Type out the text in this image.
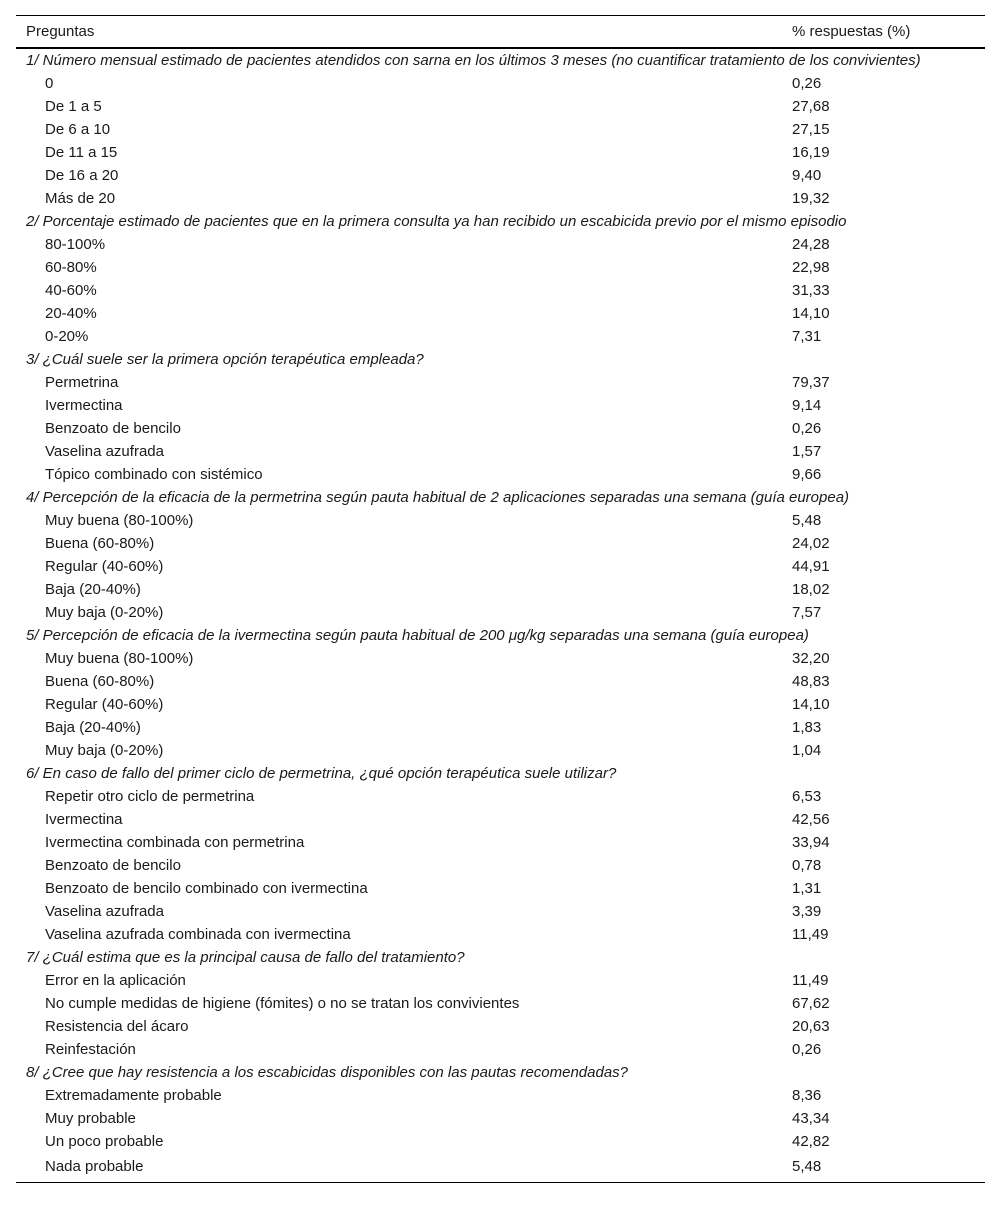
Preguntas	% respuestas (%)
1/ Número mensual estimado de pacientes atendidos con sarna en los últimos 3 meses (no cuantificar tratamiento de los convivientes)	
0	0,26
De 1 a 5	27,68
De 6 a 10	27,15
De 11 a 15	16,19
De 16 a 20	9,40
Más de 20	19,32
2/ Porcentaje estimado de pacientes que en la primera consulta ya han recibido un escabicida previo por el mismo episodio	
80-100%	24,28
60-80%	22,98
40-60%	31,33
20-40%	14,10
0-20%	7,31
3/ ¿Cuál suele ser la primera opción terapéutica empleada?	
Permetrina	79,37
Ivermectina	9,14
Benzoato de bencilo	0,26
Vaselina azufrada	1,57
Tópico combinado con sistémico	9,66
4/ Percepción de la eficacia de la permetrina según pauta habitual de 2 aplicaciones separadas una semana (guía europea)	
Muy buena (80-100%)	5,48
Buena (60-80%)	24,02
Regular (40-60%)	44,91
Baja (20-40%)	18,02
Muy baja (0-20%)	7,57
5/ Percepción de eficacia de la ivermectina según pauta habitual de 200 μg/kg separadas una semana (guía europea)	
Muy buena (80-100%)	32,20
Buena (60-80%)	48,83
Regular (40-60%)	14,10
Baja (20-40%)	1,83
Muy baja (0-20%)	1,04
6/ En caso de fallo del primer ciclo de permetrina, ¿qué opción terapéutica suele utilizar?	
Repetir otro ciclo de permetrina	6,53
Ivermectina	42,56
Ivermectina combinada con permetrina	33,94
Benzoato de bencilo	0,78
Benzoato de bencilo combinado con ivermectina	1,31
Vaselina azufrada	3,39
Vaselina azufrada combinada con ivermectina	11,49
7/ ¿Cuál estima que es la principal causa de fallo del tratamiento?	
Error en la aplicación	11,49
No cumple medidas de higiene (fómites) o no se tratan los convivientes	67,62
Resistencia del ácaro	20,63
Reinfestación	0,26
8/ ¿Cree que hay resistencia a los escabicidas disponibles con las pautas recomendadas?	
Extremadamente probable	8,36
Muy probable	43,34
Un poco probable	42,82
Nada probable	5,48
